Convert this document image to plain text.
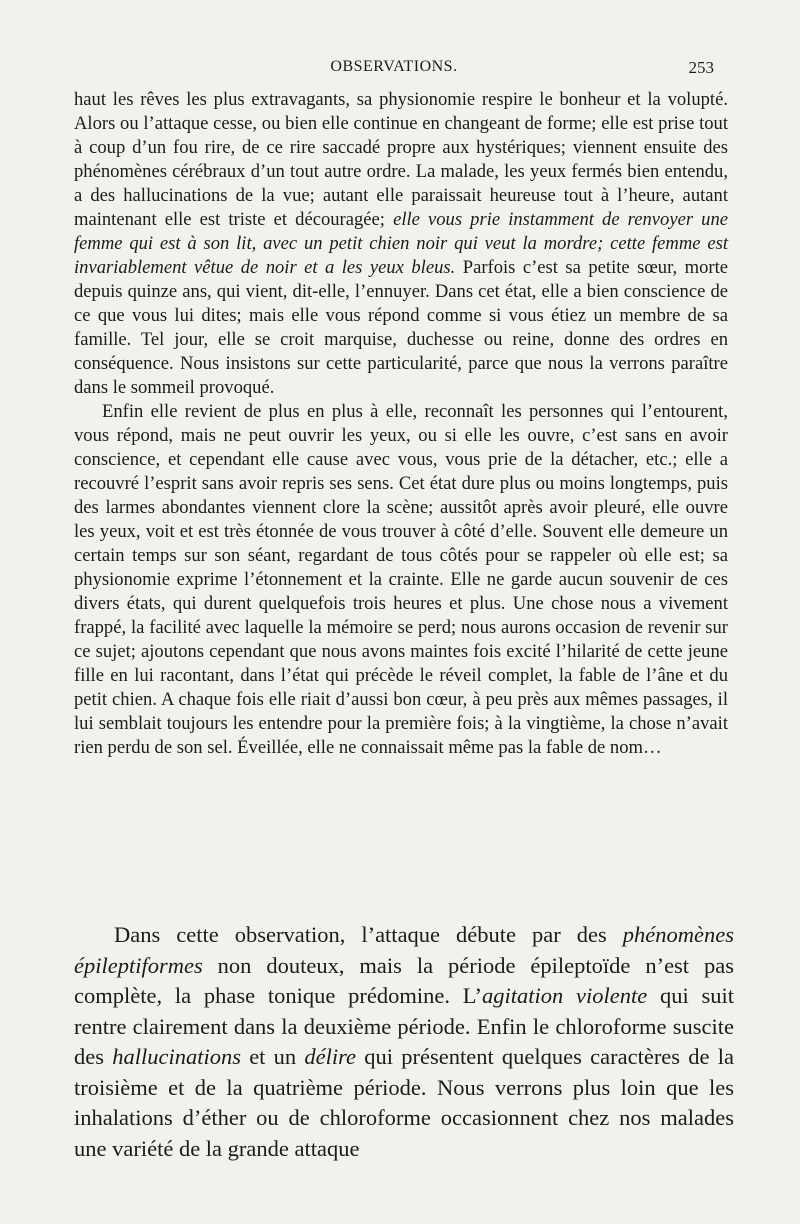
OBSERVATIONS.	253

haut les rêves les plus extravagants, sa physionomie respire le bonheur et la volupté. Alors ou l’attaque cesse, ou bien elle continue en changeant de forme; elle est prise tout à coup d’un fou rire, de ce rire saccadé propre aux hystériques; viennent ensuite des phénomènes cérébraux d’un tout autre ordre. La malade, les yeux fermés bien entendu, a des hallucinations de la vue; autant elle paraissait heureuse tout à l’heure, autant maintenant elle est triste et découragée; elle vous prie instamment de renvoyer une femme qui est à son lit, avec un petit chien noir qui veut la mordre; cette femme est invariablement vêtue de noir et a les yeux bleus. Parfois c’est sa petite sœur, morte depuis quinze ans, qui vient, dit-elle, l’ennuyer. Dans cet état, elle a bien conscience de ce que vous lui dites; mais elle vous répond comme si vous étiez un membre de sa famille. Tel jour, elle se croit marquise, duchesse ou reine, donne des ordres en conséquence. Nous insistons sur cette particularité, parce que nous la verrons paraître dans le sommeil provoqué.

Enfin elle revient de plus en plus à elle, reconnaît les personnes qui l’entourent, vous répond, mais ne peut ouvrir les yeux, ou si elle les ouvre, c’est sans en avoir conscience, et cependant elle cause avec vous, vous prie de la détacher, etc.; elle a recouvré l’esprit sans avoir repris ses sens. Cet état dure plus ou moins longtemps, puis des larmes abondantes viennent clore la scène; aussitôt après avoir pleuré, elle ouvre les yeux, voit et est très étonnée de vous trouver à côté d’elle. Souvent elle demeure un certain temps sur son séant, regardant de tous côtés pour se rappeler où elle est; sa physionomie exprime l’étonnement et la crainte. Elle ne garde aucun souvenir de ces divers états, qui durent quelquefois trois heures et plus. Une chose nous a vivement frappé, la facilité avec laquelle la mémoire se perd; nous aurons occasion de revenir sur ce sujet; ajoutons cependant que nous avons maintes fois excité l’hilarité de cette jeune fille en lui racontant, dans l’état qui précède le réveil complet, la fable de l’âne et du petit chien. A chaque fois elle riait d’aussi bon cœur, à peu près aux mêmes passages, il lui semblait toujours les entendre pour la première fois; à la vingtième, la chose n’avait rien perdu de son sel. Éveillée, elle ne connaissait même pas la fable de nom…

Dans cette observation, l’attaque débute par des phénomènes épileptiformes non douteux, mais la période épileptoïde n’est pas complète, la phase tonique prédomine. L’agitation violente qui suit rentre clairement dans la deuxième période. Enfin le chloroforme suscite des hallucinations et un délire qui présentent quelques caractères de la troisième et de la quatrième période. Nous verrons plus loin que les inhalations d’éther ou de chloroforme occasionnent chez nos malades une variété de la grande attaque
